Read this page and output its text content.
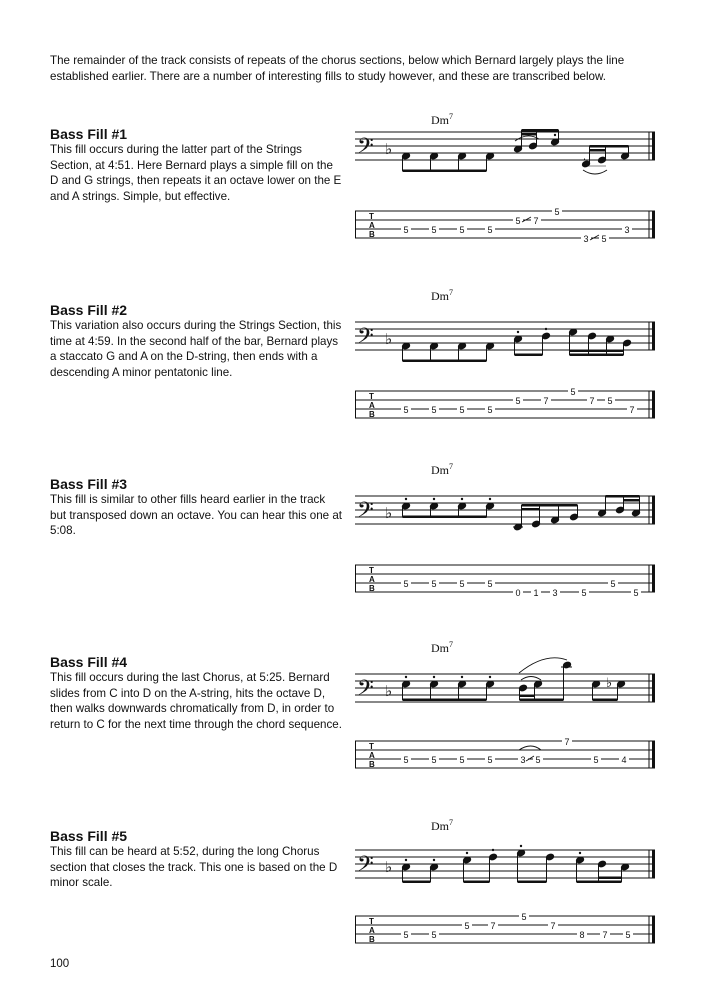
The remainder of the track consists of repeats of the chorus sections, below which Bernard largely plays the line established earlier. There are a number of interesting fills to study however, and these are transcribed below.

Bass Fill #1

This fill occurs during the latter part of the Strings Section, at 4:51. Here Bernard plays a simple fill on the D and G strings, then repeats it an octave lower on the E and A strings. Simple, but effective.

Dm$^7$
𝄢 ♭
T
A
B	5	5	5	5
5 7
5
3 5
3
Bass Fill #2

This variation also occurs during the Strings Section, this time at 4:59. In the second half of the bar, Bernard plays a staccato G and A on the D-string, then ends with a descending A minor pentatonic line.

Dm$^7$
𝄢 ♭
T
A
B	5	5	5	5
5	7
5
7 5
7
Bass Fill #3

This fill is similar to other fills heard earlier in the track but transposed down an octave. You can hear this one at 5:08.

Dm$^7$
𝄢 ♭
T
A
B	5	5	5	5
0 1 3	5
5
5
Bass Fill #4

This fill occurs during the last Chorus, at 5:25. Bernard slides from C into D on the A-string, hits the octave D, then walks downwards chromatically from D, in order to return to C for the next time through the chord sequence.

Dm$^7$
𝄢 ♭
T
A
B
♭
5	5	5	5	3 5
7
5	4
Bass Fill #5

This fill can be heard at 5:52, during the long Chorus section that closes the track. This one is based on the D minor scale.

Dm$^7$
𝄢 ♭
T
A
B	5	5
5 7
5
7
8 7 5

100
